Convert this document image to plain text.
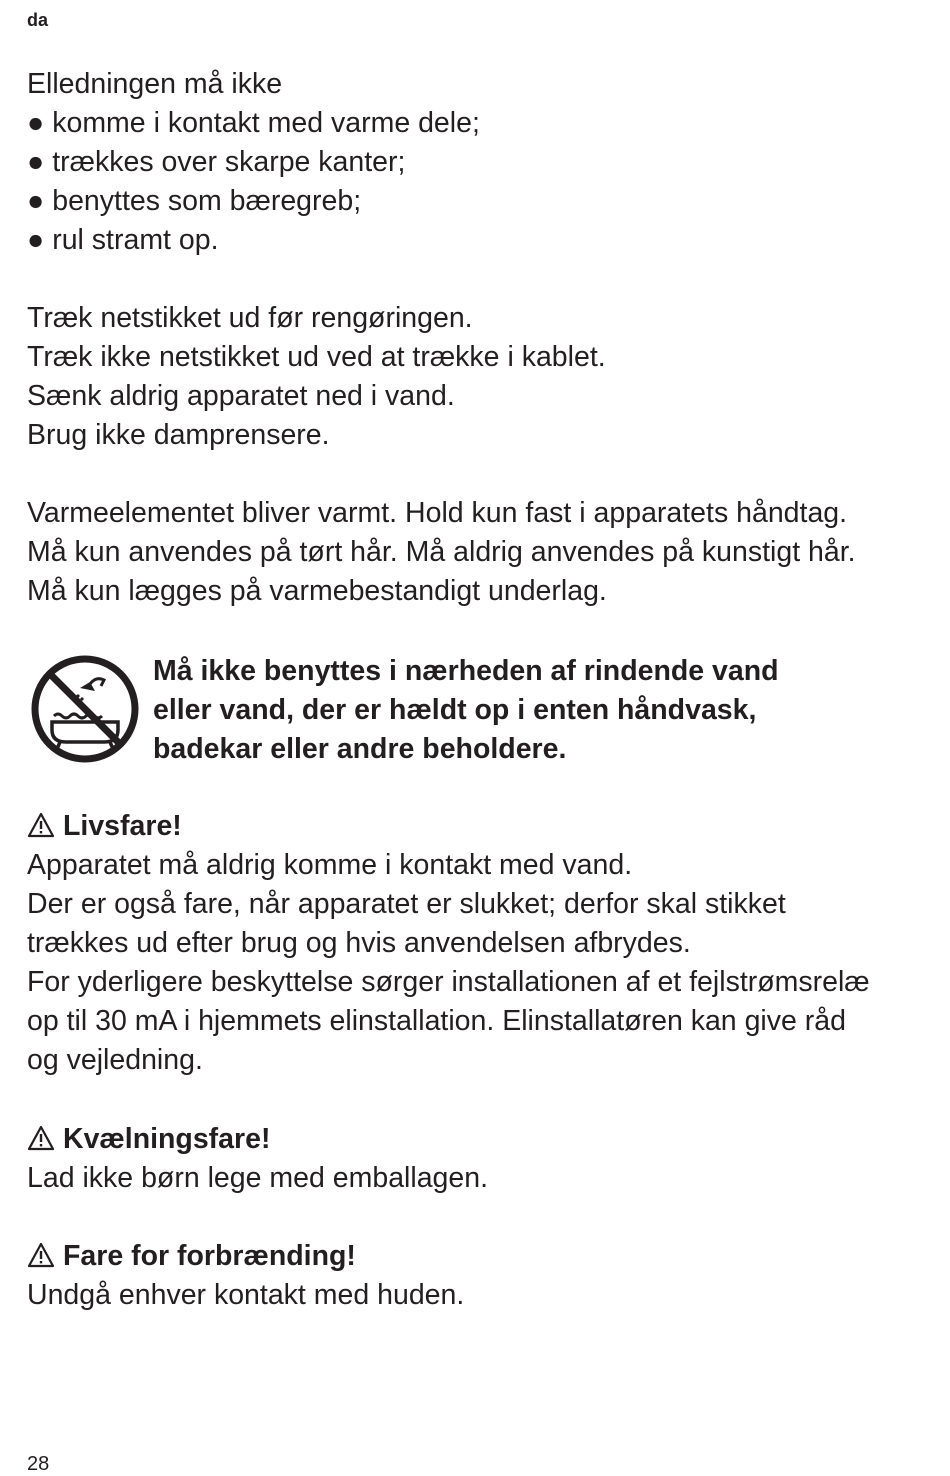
da
Elledningen må ikke
● komme i kontakt med varme dele;
● trækkes over skarpe kanter;
● benyttes som bæregreb;
● rul stramt op.
Træk netstikket ud før rengøringen.
Træk ikke netstikket ud ved at trække i kablet.
Sænk aldrig apparatet ned i vand.
Brug ikke damprensere.
Varmeelementet bliver varmt. Hold kun fast i apparatets håndtag.
Må kun anvendes på tørt hår. Må aldrig anvendes på kunstigt hår.
Må kun lægges på varmebestandigt underlag.
Må ikke benyttes i nærheden af rindende vand
eller vand, der er hældt op i enten håndvask,
badekar eller andre beholdere.
Livsfare!
Apparatet må aldrig komme i kontakt med vand.
Der er også fare, når apparatet er slukket; derfor skal stikket
trækkes ud efter brug og hvis anvendelsen afbrydes.
For yderligere beskyttelse sørger installationen af et fejlstrømsrelæ
op til 30 mA i hjemmets elinstallation. Elinstallatøren kan give råd
og vejledning.
Kvælningsfare!
Lad ikke børn lege med emballagen.
Fare for forbrænding!
Undgå enhver kontakt med huden.
28
